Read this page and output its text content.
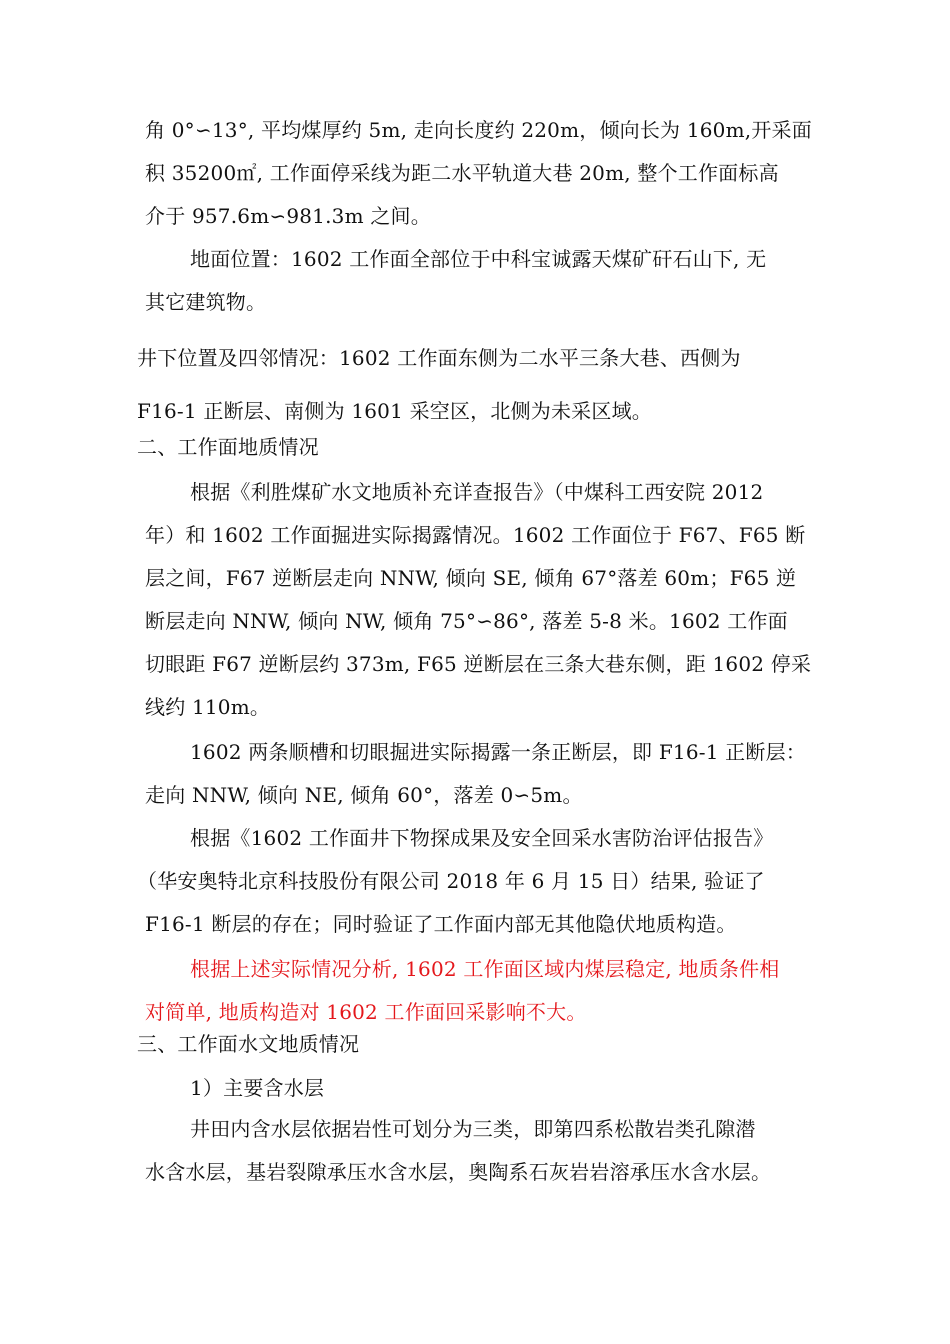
角 0°∽13°, 平均煤厚约 5m, 走向长度约 220m，倾向长为 160m,开采面
积 35200㎡, 工作面停采线为距二水平轨道大巷 20m, 整个工作面标高
介于 957.6m∽981.3m 之间。
地面位置：1602 工作面全部位于中科宝诚露天煤矿矸石山下, 无
其它建筑物。
井下位置及四邻情况：1602 工作面东侧为二水平三条大巷、西侧为
F16-1 正断层、南侧为 1601 采空区，北侧为未采区域。
二、工作面地质情况
根据《利胜煤矿水文地质补充详查报告》（中煤科工西安院 2012
年）和 1602 工作面掘进实际揭露情况。1602 工作面位于 F67、F65 断
层之间，F67 逆断层走向 NNW, 倾向 SE, 倾角 67°落差 60m；F65 逆
断层走向 NNW, 倾向 NW, 倾角 75°∽86°, 落差 5-8 米。1602 工作面
切眼距 F67 逆断层约 373m, F65 逆断层在三条大巷东侧，距 1602 停采
线约 110m。
1602 两条顺槽和切眼掘进实际揭露一条正断层，即 F16-1 正断层：
走向 NNW, 倾向 NE, 倾角 60°，落差 0∽5m。
根据《1602 工作面井下物探成果及安全回采水害防治评估报告》
（华安奥特北京科技股份有限公司 2018 年 6 月 15 日）结果, 验证了
F16-1 断层的存在；同时验证了工作面内部无其他隐伏地质构造。
根据上述实际情况分析, 1602 工作面区域内煤层稳定, 地质条件相
对简单, 地质构造对 1602 工作面回采影响不大。
三、工作面水文地质情况
1）主要含水层
井田内含水层依据岩性可划分为三类，即第四系松散岩类孔隙潜
水含水层，基岩裂隙承压水含水层，奥陶系石灰岩岩溶承压水含水层。
